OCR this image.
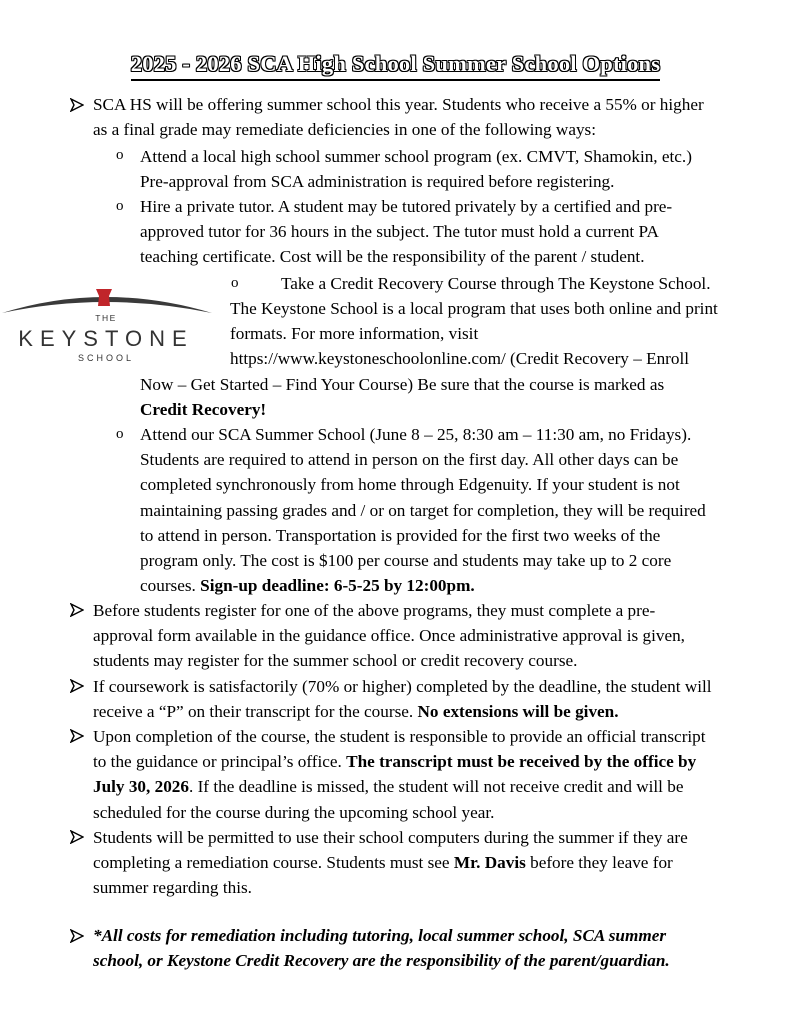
2025 - 2026 SCA High School Summer School Options
SCA HS will be offering summer school this year. Students who receive a 55% or higher
as a final grade may remediate deficiencies in one of the following ways:
o Attend a local high school summer school program (ex. CMVT, Shamokin, etc.)
Pre-approval from SCA administration is required before registering.
o Hire a private tutor. A student may be tutored privately by a certified and pre-
approved tutor for 36 hours in the subject. The tutor must hold a current PA
teaching certificate. Cost will be the responsibility of the parent / student.
THE
KEYSTONE
SCHOOL
o Take a Credit Recovery Course through The Keystone School.
The Keystone School is a local program that uses both online and print
formats. For more information, visit
https://www.keystoneschoolonline.com/ (Credit Recovery – Enroll
Now – Get Started – Find Your Course) Be sure that the course is marked as
Credit Recovery!
o Attend our SCA Summer School (June 8 – 25, 8:30 am – 11:30 am, no Fridays).
Students are required to attend in person on the first day. All other days can be
completed synchronously from home through Edgenuity. If your student is not
maintaining passing grades and / or on target for completion, they will be required
to attend in person. Transportation is provided for the first two weeks of the
program only. The cost is $100 per course and students may take up to 2 core
courses. Sign-up deadline: 6-5-25 by 12:00pm.
Before students register for one of the above programs, they must complete a pre-
approval form available in the guidance office. Once administrative approval is given,
students may register for the summer school or credit recovery course.
If coursework is satisfactorily (70% or higher) completed by the deadline, the student will
receive a “P” on their transcript for the course. No extensions will be given.
Upon completion of the course, the student is responsible to provide an official transcript
to the guidance or principal’s office. The transcript must be received by the office by
July 30, 2026. If the deadline is missed, the student will not receive credit and will be
scheduled for the course during the upcoming school year.
Students will be permitted to use their school computers during the summer if they are
completing a remediation course. Students must see Mr. Davis before they leave for
summer regarding this.
*All costs for remediation including tutoring, local summer school, SCA summer
school, or Keystone Credit Recovery are the responsibility of the parent/guardian.
